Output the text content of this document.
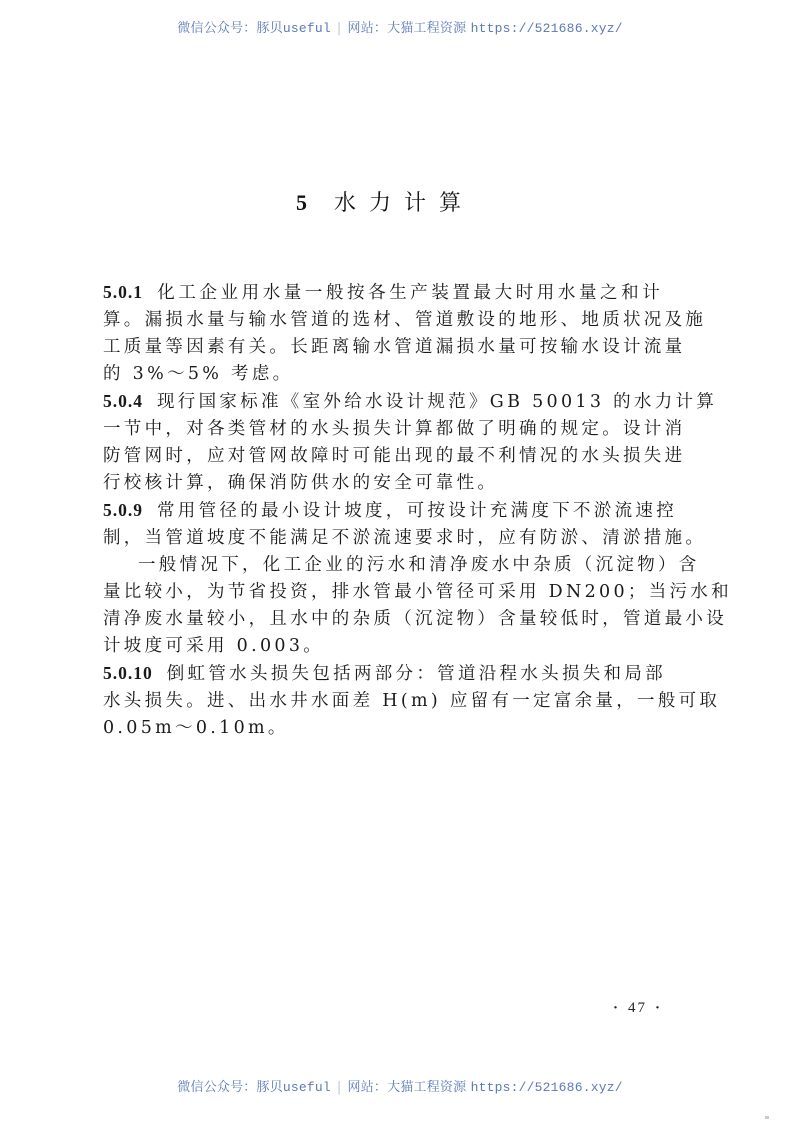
微信公众号：豚贝useful | 网站：大猫工程资源 https://521686.xyz/
5 水力计算
5.0.1 化工企业用水量一般按各生产装置最大时用水量之和计
算。漏损水量与输水管道的选材、管道敷设的地形、地质状况及施
工质量等因素有关。长距离输水管道漏损水量可按输水设计流量
的 3%～5% 考虑。
5.0.4 现行国家标准《室外给水设计规范》GB 50013 的水力计算
一节中，对各类管材的水头损失计算都做了明确的规定。设计消
防管网时，应对管网故障时可能出现的最不利情况的水头损失进
行校核计算，确保消防供水的安全可靠性。
5.0.9 常用管径的最小设计坡度，可按设计充满度下不淤流速控
制，当管道坡度不能满足不淤流速要求时，应有防淤、清淤措施。
一般情况下，化工企业的污水和清净废水中杂质（沉淀物）含
量比较小，为节省投资，排水管最小管径可采用 DN200；当污水和
清净废水量较小，且水中的杂质（沉淀物）含量较低时，管道最小设
计坡度可采用 0.003。
5.0.10 倒虹管水头损失包括两部分：管道沿程水头损失和局部
水头损失。进、出水井水面差 H(m) 应留有一定富余量，一般可取
0.05m～0.10m。
· 47 ·
微信公众号：豚贝useful | 网站：大猫工程资源 https://521686.xyz/
